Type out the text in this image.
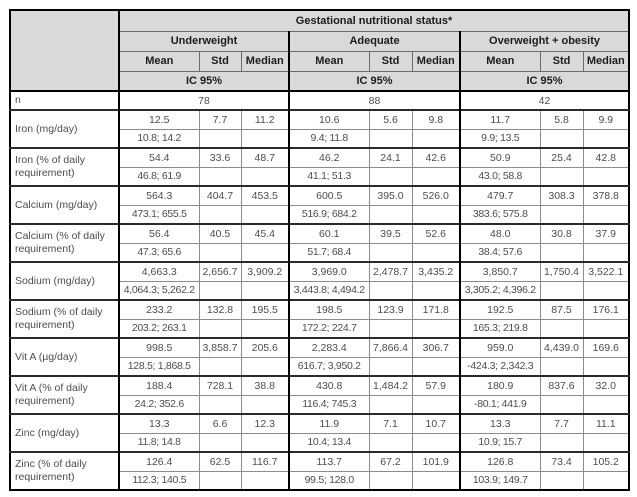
	Gestational nutritional status*								
	Underweight			Adequate			Overweight + obesity		
	Mean	Std	Median	Mean	Std	Median	Mean	Std	Median
	IC 95%			IC 95%			IC 95%		
n	78			88			42		
Iron (mg/day)	12.5	7.7	11.2	10.6	5.6	9.8	11.7	5.8	9.9
	10.8; 14.2			9.4; 11.8			9.9; 13.5		
Iron (% of daily requirement)	54.4	33.6	48.7	46.2	24.1	42.6	50.9	25.4	42.8
	46.8; 61.9			41.1; 51.3			43.0; 58.8		
Calcium (mg/day)	564.3	404.7	453.5	600.5	395.0	526.0	479.7	308.3	378.8
	473.1; 655.5			516.9; 684.2			383.6; 575.8		
Calcium (% of daily requirement)	56.4	40.5	45.4	60.1	39.5	52.6	48.0	30.8	37.9
	47.3; 65.6			51.7; 68.4			38.4; 57.6		
Sodium (mg/day)	4,663.3	2,656.7	3,909.2	3,969.0	2,478.7	3,435.2	3,850.7	1,750.4	3,522.1
	4,064.3; 5,262.2			3,443.8; 4,494.2			3,305.2; 4,396.2		
Sodium (% of daily requirement)	233.2	132.8	195.5	198.5	123.9	171.8	192.5	87.5	176.1
	203.2; 263.1			172.2; 224.7			165.3; 219.8		
Vit A (µg/day)	998.5	3,858.7	205.6	2,283.4	7,866.4	306.7	959.0	4,439.0	169.6
	128.5; 1,868.5			616.7; 3,950.2			-424.3; 2,342.3		
Vit A (% of daily requirement)	188.4	728.1	38.8	430.8	1,484.2	57.9	180.9	837.6	32.0
	24.2; 352.6			116.4; 745.3			-80.1; 441.9		
Zinc (mg/day)	13.3	6.6	12.3	11.9	7.1	10.7	13.3	7.7	11.1
	11.8; 14.8			10.4; 13.4			10.9; 15.7		
Zinc (% of daily requirement)	126.4	62.5	116.7	113.7	67.2	101.9	126.8	73.4	105.2
	112.3; 140.5			99.5; 128.0			103.9; 149.7		
